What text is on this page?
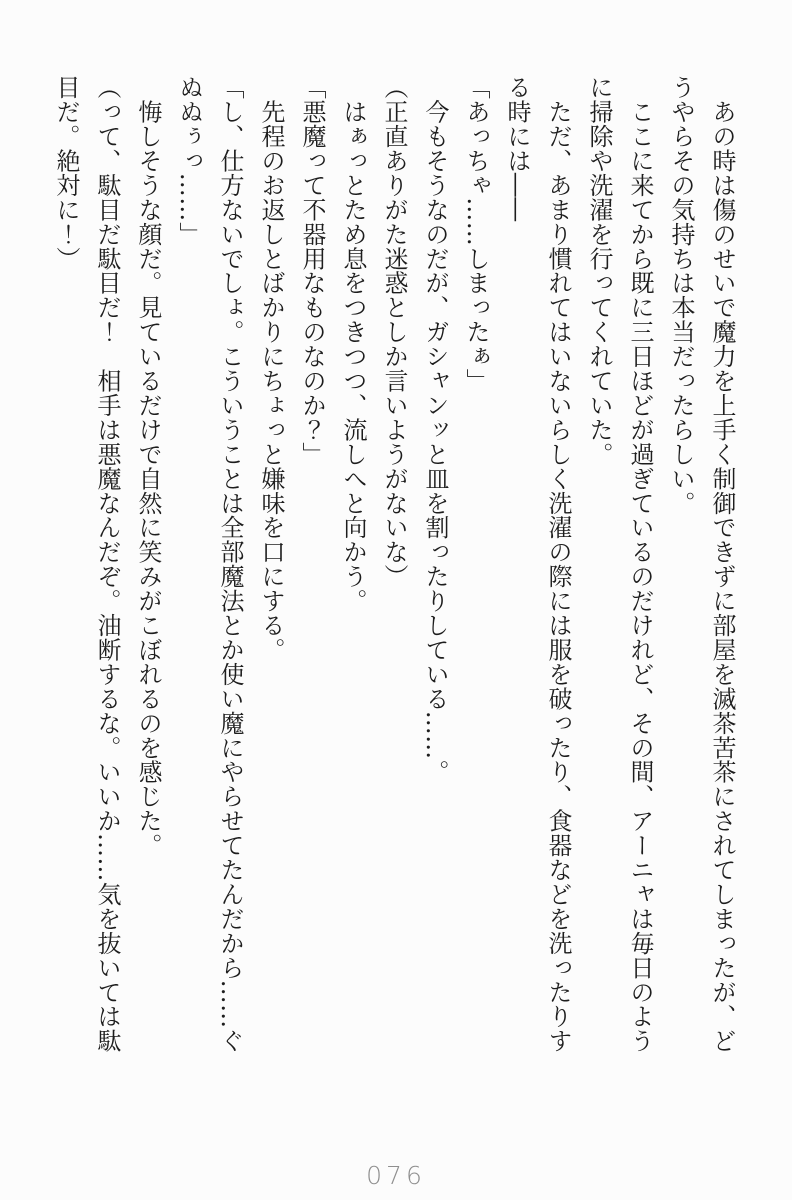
　あの時は傷のせいで魔力を上手く制御できずに部屋を滅茶苦茶にされてしまったが、ど
うやらその気持ちは本当だったらしい。
　ここに来てから既に三日ほどが過ぎているのだけれど、その間、アーニャは毎日のよう
に掃除や洗濯を行ってくれていた。
　ただ、あまり慣れてはいないらしく洗濯の際には服を破ったり、食器などを洗ったりす
る時には――
「あっちゃ……しまったぁ」
　今もそうなのだが、ガシャンッと皿を割ったりしている……。
（正直ありがた迷惑としか言いようがないな）
　はぁっとため息をつきつつ、流しへと向かう。
「悪魔って不器用なものなのか？」
　先程のお返しとばかりにちょっと嫌味を口にする。
「し、仕方ないでしょ。こういうことは全部魔法とか使い魔にやらせてたんだから……ぐ
ぬぬぅっ……」
　悔しそうな顔だ。見ているだけで自然に笑みがこぼれるのを感じた。
（って、駄目だ駄目だ！　相手は悪魔なんだぞ。油断するな。いいか……気を抜いては駄
目だ。絶対に！）
076
